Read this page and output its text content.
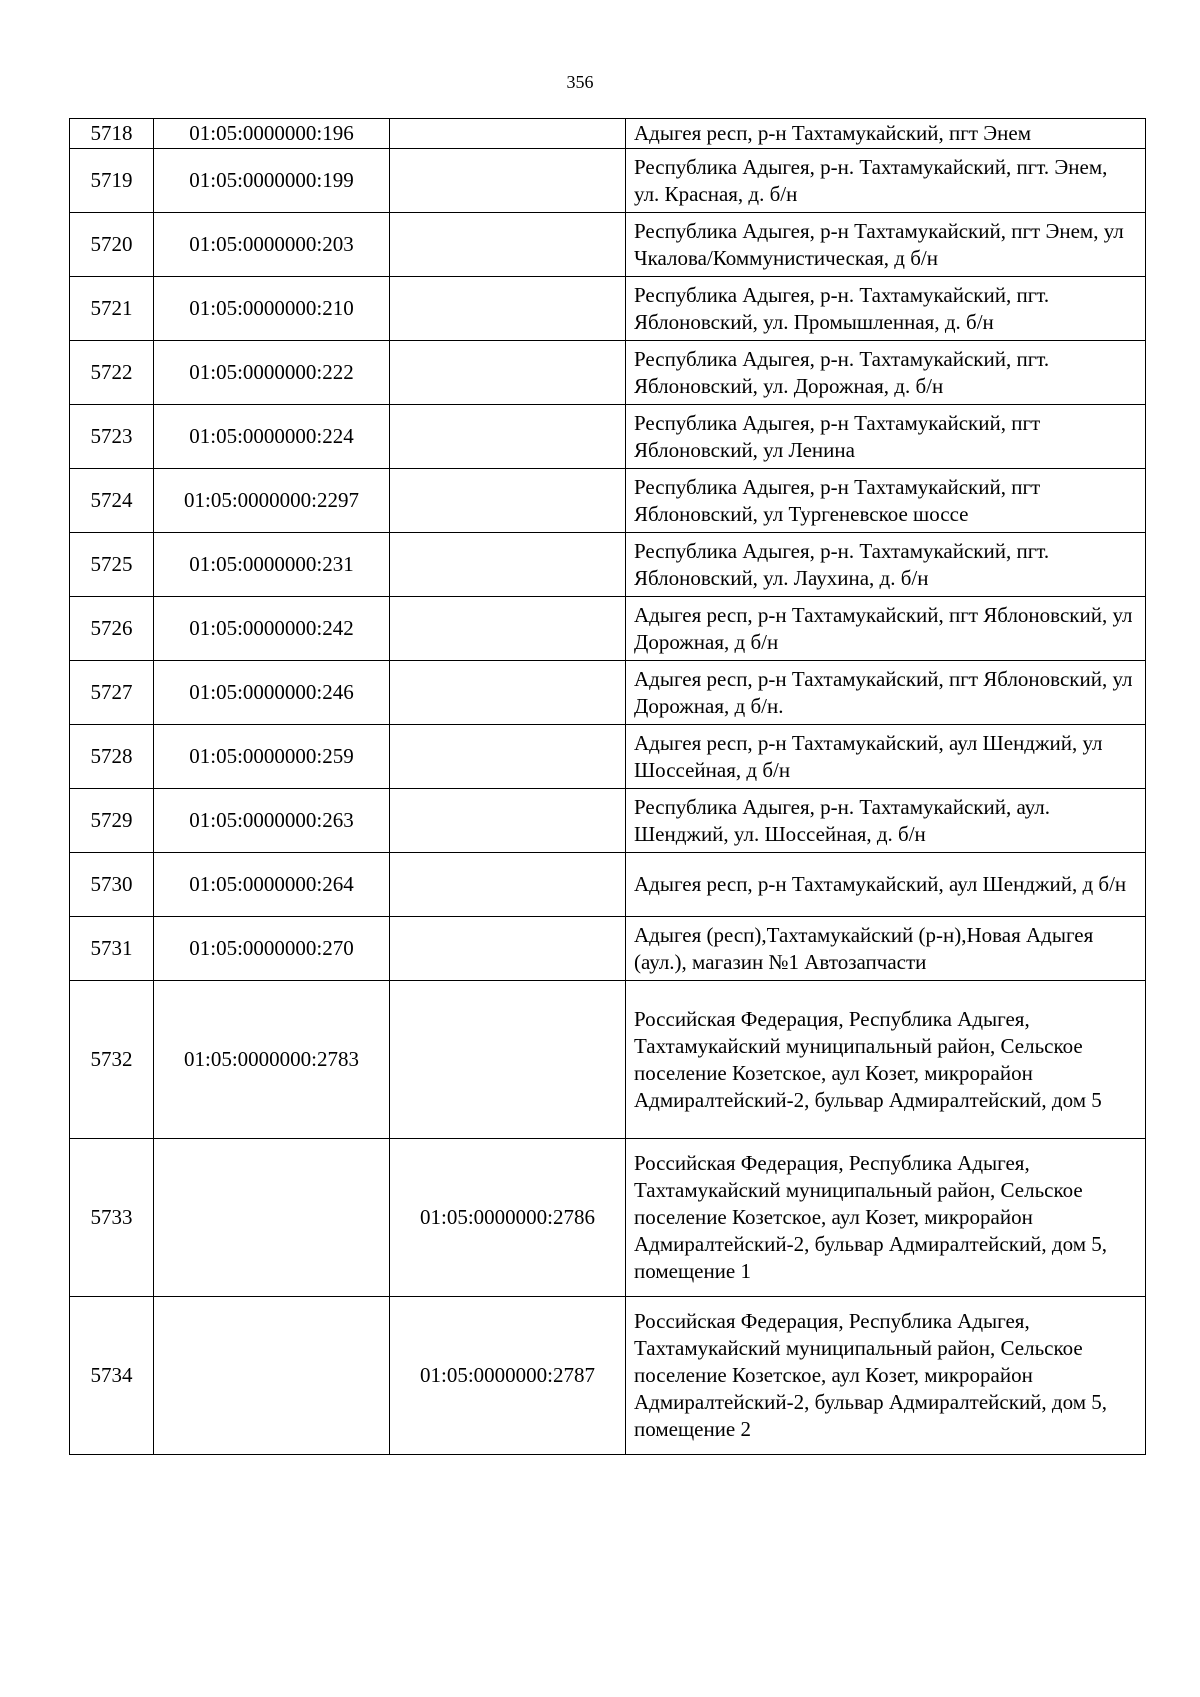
356
5718	01:05:0000000:196		Адыгея респ, р-н Тахтамукайский, пгт Энем
5719	01:05:0000000:199		Республика Адыгея, р-н. Тахтамукайский, пгт. Энем, ул. Красная, д. б/н
5720	01:05:0000000:203		Республика Адыгея, р-н Тахтамукайский, пгт Энем, ул Чкалова/Коммунистическая, д б/н
5721	01:05:0000000:210		Республика Адыгея, р-н. Тахтамукайский, пгт. Яблоновский, ул. Промышленная, д. б/н
5722	01:05:0000000:222		Республика Адыгея, р-н. Тахтамукайский, пгт. Яблоновский, ул. Дорожная, д. б/н
5723	01:05:0000000:224		Республика Адыгея, р-н Тахтамукайский, пгт Яблоновский, ул Ленина
5724	01:05:0000000:2297		Республика Адыгея, р-н Тахтамукайский, пгт Яблоновский, ул Тургеневское шоссе
5725	01:05:0000000:231		Республика Адыгея, р-н. Тахтамукайский, пгт. Яблоновский, ул. Лаухина, д. б/н
5726	01:05:0000000:242		Адыгея респ, р-н Тахтамукайский, пгт Яблоновский, ул Дорожная, д б/н
5727	01:05:0000000:246		Адыгея респ, р-н Тахтамукайский, пгт Яблоновский, ул Дорожная, д б/н.
5728	01:05:0000000:259		Адыгея респ, р-н Тахтамукайский, аул Шенджий, ул Шоссейная, д б/н
5729	01:05:0000000:263		Республика Адыгея, р-н. Тахтамукайский, аул. Шенджий, ул. Шоссейная, д. б/н
5730	01:05:0000000:264		Адыгея респ, р-н Тахтамукайский, аул Шенджий, д б/н
5731	01:05:0000000:270		Адыгея (респ),Тахтамукайский (р-н),Новая Адыгея (аул.), магазин №1 Автозапчасти
5732	01:05:0000000:2783		Российская Федерация, Республика Адыгея, Тахтамукайский муниципальный район, Сельское поселение Козетское, аул Козет, микрорайон Адмиралтейский-2, бульвар Адмиралтейский, дом 5
5733		01:05:0000000:2786	Российская Федерация, Республика Адыгея, Тахтамукайский муниципальный район, Сельское поселение Козетское, аул Козет, микрорайон Адмиралтейский-2, бульвар Адмиралтейский, дом 5, помещение 1
5734		01:05:0000000:2787	Российская Федерация, Республика Адыгея, Тахтамукайский муниципальный район, Сельское поселение Козетское, аул Козет, микрорайон Адмиралтейский-2, бульвар Адмиралтейский, дом 5, помещение 2
